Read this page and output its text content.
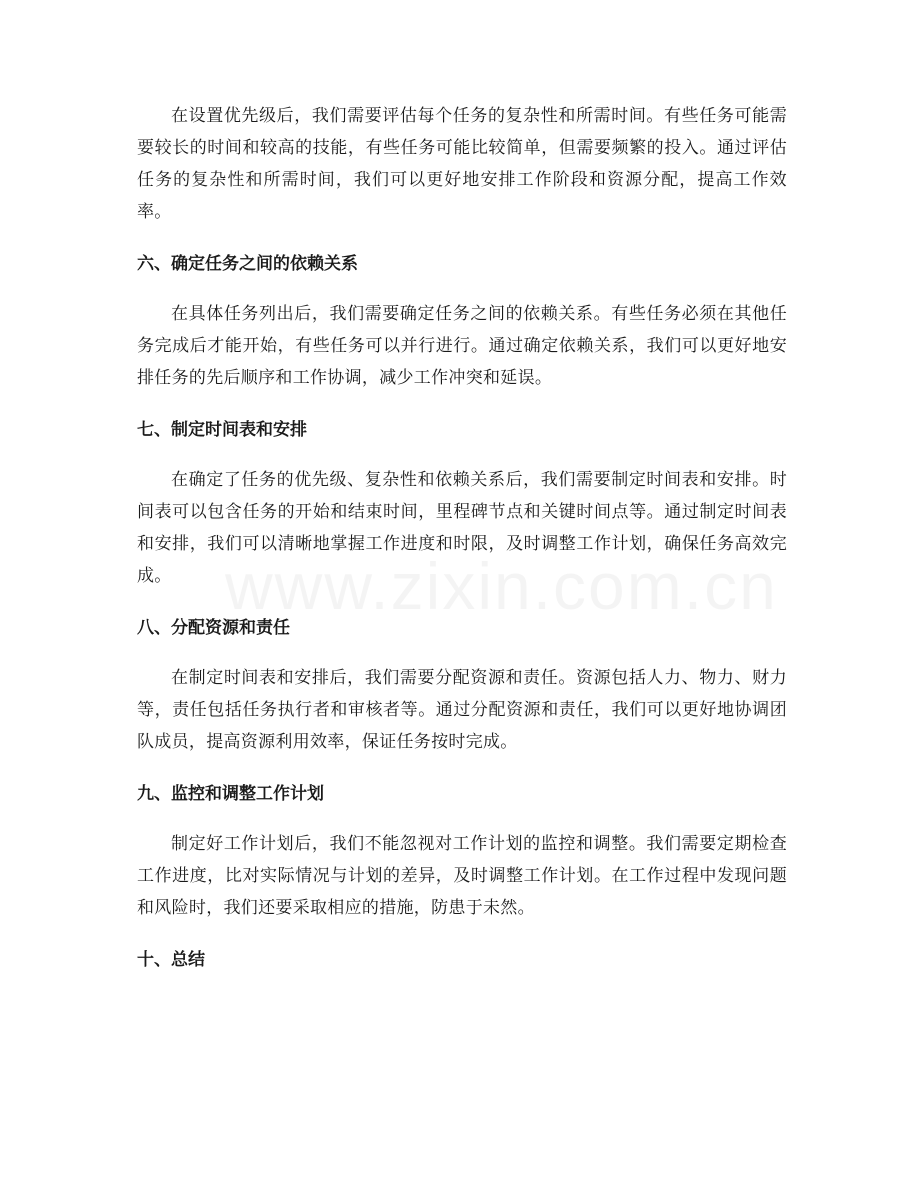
在设置优先级后，我们需要评估每个任务的复杂性和所需时间。有些任务可能需要较长的时间和较高的技能，有些任务可能比较简单，但需要频繁的投入。通过评估任务的复杂性和所需时间，我们可以更好地安排工作阶段和资源分配，提高工作效率。

六、确定任务之间的依赖关系

在具体任务列出后，我们需要确定任务之间的依赖关系。有些任务必须在其他任务完成后才能开始，有些任务可以并行进行。通过确定依赖关系，我们可以更好地安排任务的先后顺序和工作协调，减少工作冲突和延误。

七、制定时间表和安排

在确定了任务的优先级、复杂性和依赖关系后，我们需要制定时间表和安排。时间表可以包含任务的开始和结束时间，里程碑节点和关键时间点等。通过制定时间表和安排，我们可以清晰地掌握工作进度和时限，及时调整工作计划，确保任务高效完成。

八、分配资源和责任

在制定时间表和安排后，我们需要分配资源和责任。资源包括人力、物力、财力等，责任包括任务执行者和审核者等。通过分配资源和责任，我们可以更好地协调团队成员，提高资源利用效率，保证任务按时完成。

九、监控和调整工作计划

制定好工作计划后，我们不能忽视对工作计划的监控和调整。我们需要定期检查工作进度，比对实际情况与计划的差异，及时调整工作计划。在工作过程中发现问题和风险时，我们还要采取相应的措施，防患于未然。

十、总结
